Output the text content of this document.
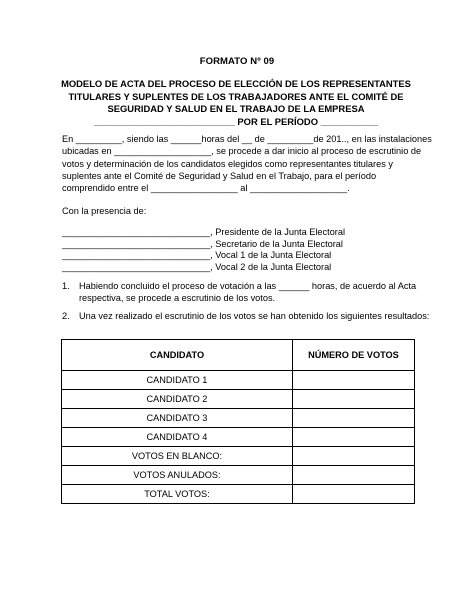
FORMATO Nº 09
MODELO DE ACTA DEL PROCESO DE ELECCIÓN DE LOS REPRESENTANTES
TITULARES Y SUPLENTES DE LOS TRABAJADORES ANTE EL COMITÉ DE
SEGURIDAD Y SALUD EN EL TRABAJO DE LA EMPRESA
___________________________ POR EL PERÍODO ___________
En _________, siendo las ______horas del __ de _________de 201.., en las instalaciones
ubicadas en ___________________, se procede a dar inicio al proceso de escrutinio de
votos y determinación de los candidatos elegidos como representantes titulares y
suplentes ante el Comité de Seguridad y Salud en el Trabajo, para el período
comprendido entre el _________________ al ___________________.
Con la presencia de:
_____________________________, Presidente de la Junta Electoral
_____________________________, Secretario de la Junta Electoral
_____________________________, Vocal 1 de la Junta Electoral
_____________________________, Vocal 2 de la Junta Electoral
1. Habiendo concluido el proceso de votación a las ______ horas, de acuerdo al Acta
respectiva, se procede a escrutinio de los votos.
2. Una vez realizado el escrutinio de los votos se han obtenido los siguientes resultados:
CANDIDATO	NÚMERO DE VOTOS
CANDIDATO 1	
CANDIDATO 2	
CANDIDATO 3	
CANDIDATO 4	
VOTOS EN BLANCO:	
VOTOS ANULADOS:	
TOTAL VOTOS:	
